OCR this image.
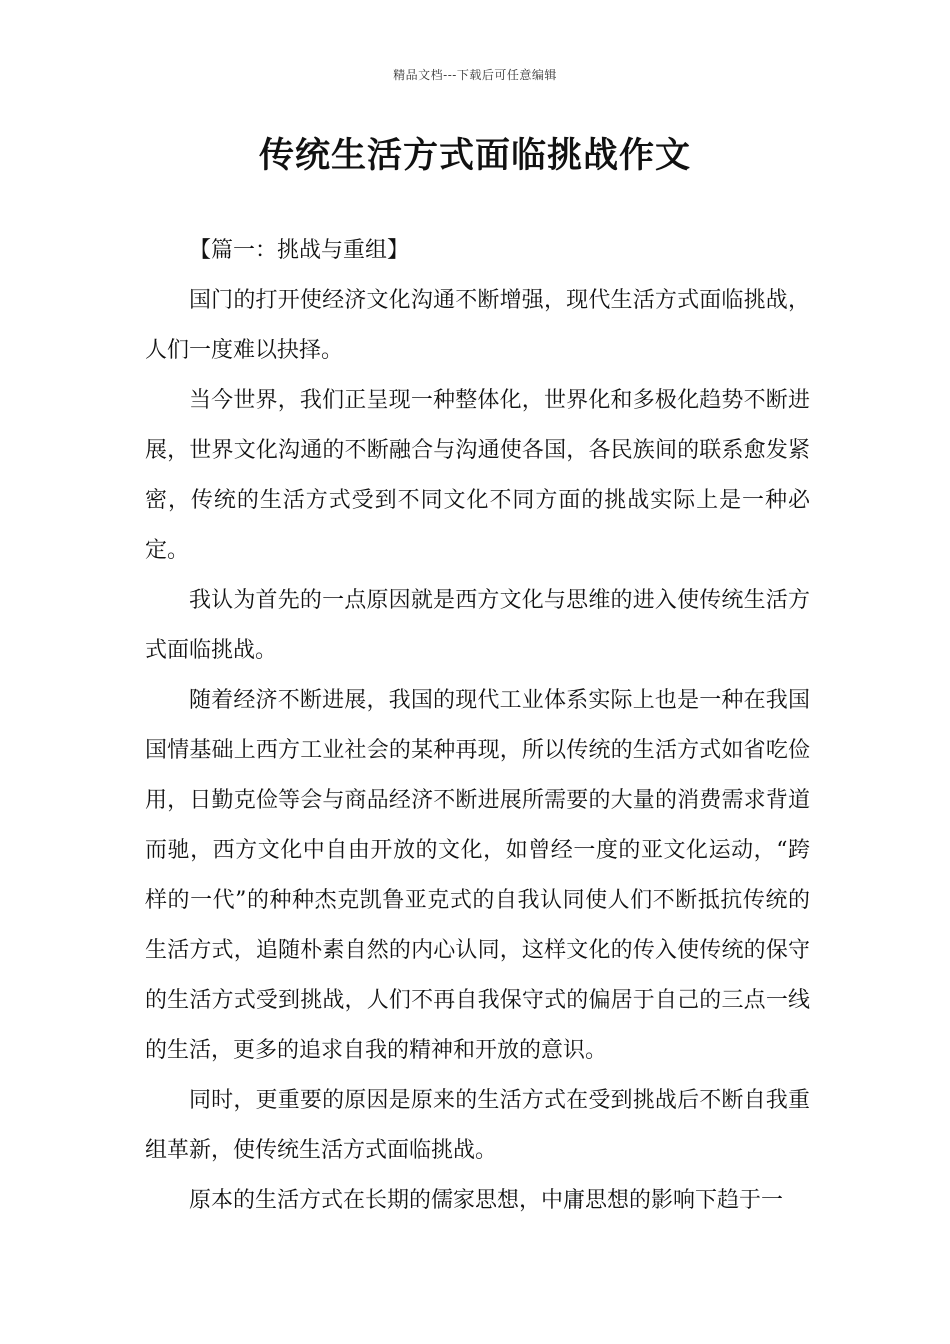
精品文档---下载后可任意编辑
传统生活方式面临挑战作文

【篇一：挑战与重组】

国门的打开使经济文化沟通不断增强，现代生活方式面临挑战，人们一度难以抉择。

当今世界，我们正呈现一种整体化，世界化和多极化趋势不断进展，世界文化沟通的不断融合与沟通使各国，各民族间的联系愈发紧密，传统的生活方式受到不同文化不同方面的挑战实际上是一种必定。

我认为首先的一点原因就是西方文化与思维的进入使传统生活方式面临挑战。

随着经济不断进展，我国的现代工业体系实际上也是一种在我国国情基础上西方工业社会的某种再现，所以传统的生活方式如省吃俭用，日勤克俭等会与商品经济不断进展所需要的大量的消费需求背道而驰，西方文化中自由开放的文化，如曾经一度的亚文化运动，“跨样的一代”的种种杰克凯鲁亚克式的自我认同使人们不断抵抗传统的生活方式，追随朴素自然的内心认同，这样文化的传入使传统的保守的生活方式受到挑战，人们不再自我保守式的偏居于自己的三点一线的生活，更多的追求自我的精神和开放的意识。

同时，更重要的原因是原来的生活方式在受到挑战后不断自我重组革新，使传统生活方式面临挑战。

原本的生活方式在长期的儒家思想，中庸思想的影响下趋于一
